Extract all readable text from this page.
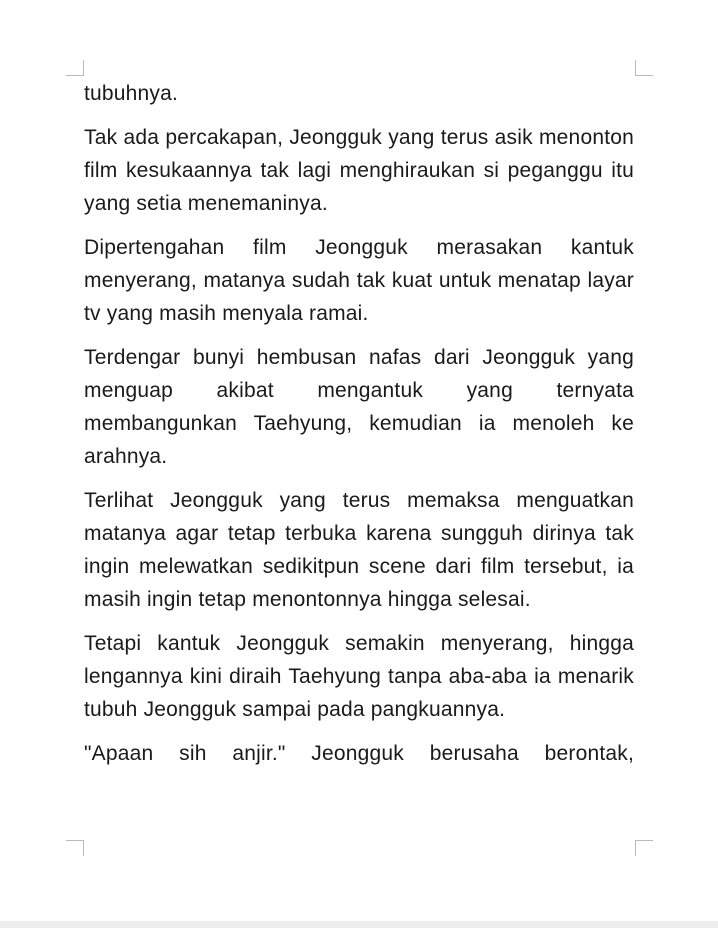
tubuhnya.

Tak ada percakapan, Jeongguk yang terus asik menonton film kesukaannya tak lagi menghiraukan si peganggu itu yang setia menemaninya.

Dipertengahan film Jeongguk merasakan kantuk menyerang, matanya sudah tak kuat untuk menatap layar tv yang masih menyala ramai.

Terdengar bunyi hembusan nafas dari Jeongguk yang menguap akibat mengantuk yang ternyata membangunkan Taehyung, kemudian ia menoleh ke arahnya.

Terlihat Jeongguk yang terus memaksa menguatkan matanya agar tetap terbuka karena sungguh dirinya tak ingin melewatkan sedikitpun scene dari film tersebut, ia masih ingin tetap menontonnya hingga selesai.

Tetapi kantuk Jeongguk semakin menyerang, hingga lengannya kini diraih Taehyung tanpa aba-aba ia menarik tubuh Jeongguk sampai pada pangkuannya.

"Apaan sih anjir." Jeongguk berusaha berontak,
